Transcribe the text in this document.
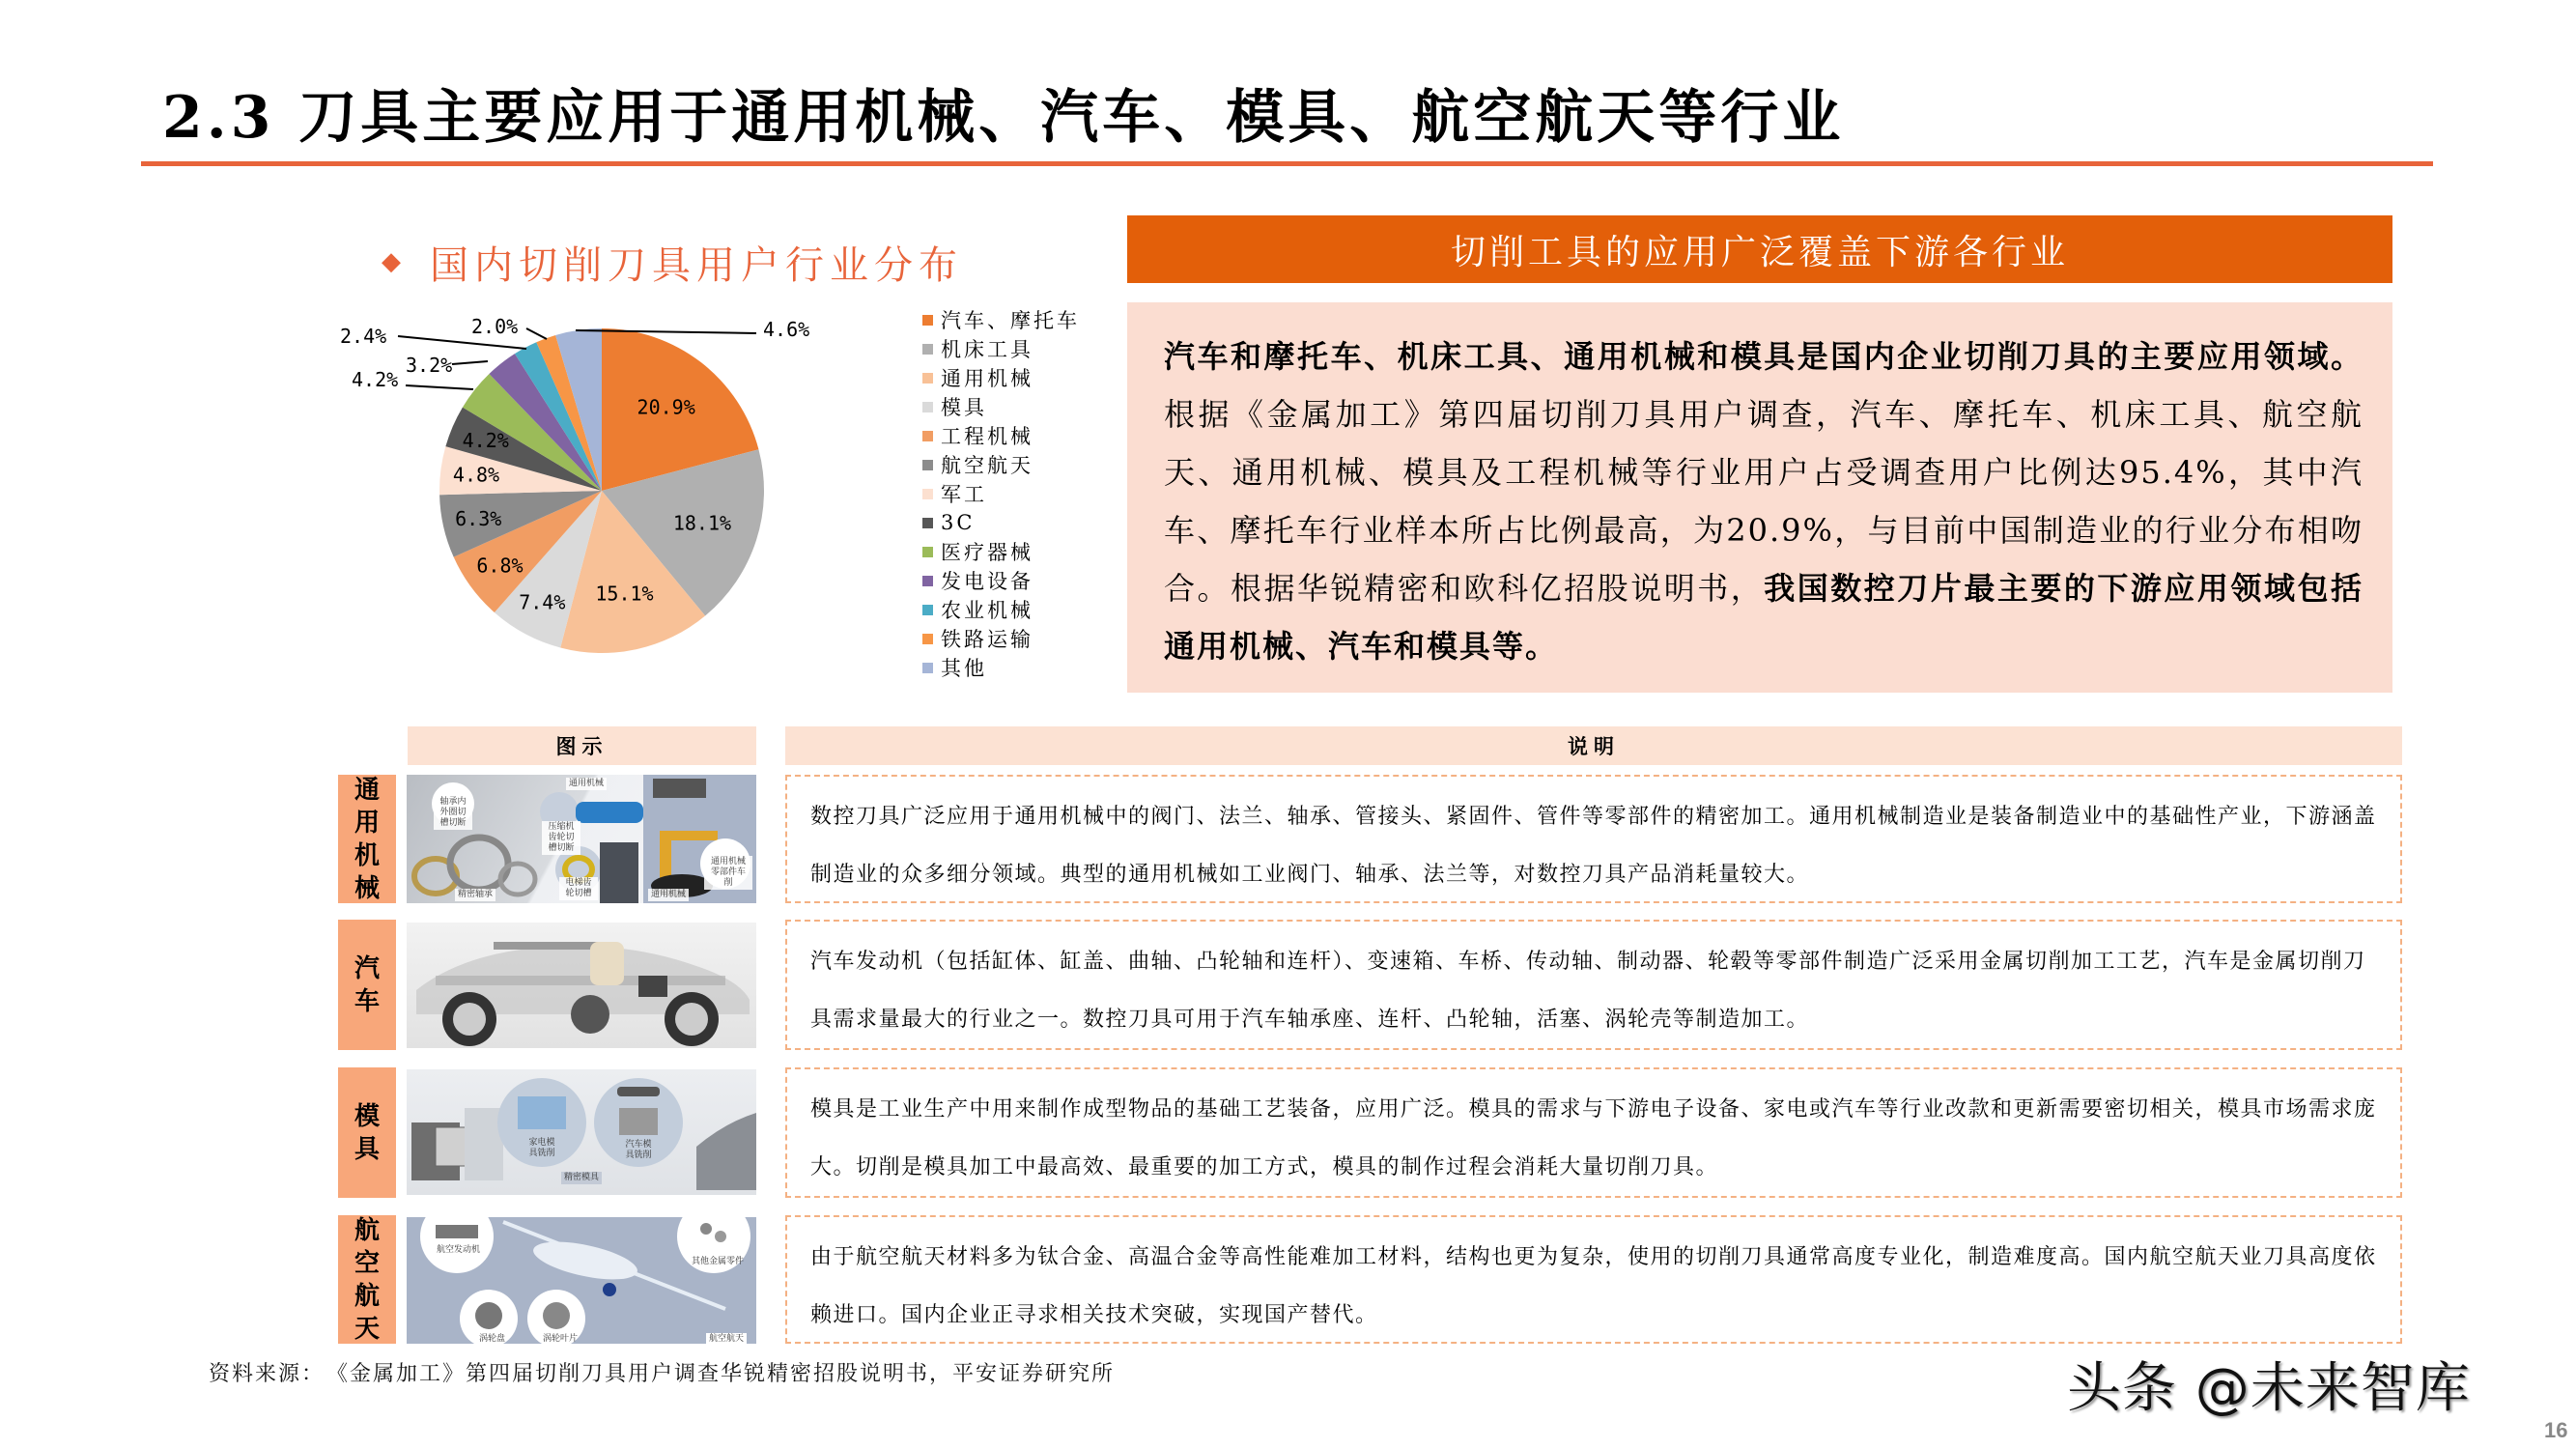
2.3 刀具主要应用于通用机械、汽车、模具、航空航天等行业
◆ 国内切削刀具用户行业分布
20.9%
18.1%
15.1%
7.4%
6.8%
6.3%
4.8%
4.2%
4.2%
3.2%
2.4%	2.0%	4.6%	汽车、摩托车
机床工具
通用机械
模具
工程机械
航空航天
军工
3C
医疗器械
发电设备
农业机械
铁路运输
其他
切削工具的应用广泛覆盖下游各行业
汽车和摩托车、机床工具、通用机械和模具是国内企业切削刀具的主要应用领域。根据《金属加工》第四届切削刀具用户调查，汽车、摩托车、机床工具、航空航天、通用机械、模具及工程机械等行业用户占受调查用户比例达95.4%，其中汽车、摩托车行业样本所占比例最高，为20.9%，与目前中国制造业的行业分布相吻合。根据华锐精密和欧科亿招股说明书，我国数控刀片最主要的下游应用领域包括通用机械、汽车和模具等。
图示	说明
通
用
机
械
轴承内外圈切槽切断
精密轴承
通用机械
压缩机齿轮切槽切断
电梯齿轮切槽	通用机械
通用机械零部件车削
数控刀具广泛应用于通用机械中的阀门、法兰、轴承、管接头、紧固件、管件等零部件的精密加工。通用机械制造业是装备制造业中的基础性产业，下游涵盖制造业的众多细分领域。典型的通用机械如工业阀门、轴承、法兰等，对数控刀具产品消耗量较大。
汽
车
汽车发动机（包括缸体、缸盖、曲轴、凸轮轴和连杆）、变速箱、车桥、传动轴、制动器、轮毂等零部件制造广泛采用金属切削加工工艺，汽车是金属切削刀具需求量最大的行业之一。数控刀具可用于汽车轴承座、连杆、凸轮轴，活塞、涡轮壳等制造加工。
模
具	家电模具铣削
汽车模具铣削
精密模具
模具是工业生产中用来制作成型物品的基础工艺装备，应用广泛。模具的需求与下游电子设备、家电或汽车等行业改款和更新需要密切相关，模具市场需求庞大。切削是模具加工中最高效、最重要的加工方式，模具的制作过程会消耗大量切削刀具。
航
空
航
天
航空发动机
其他金属零件
涡轮盘	涡轮叶片	航空航天
由于航空航天材料多为钛合金、高温合金等高性能难加工材料，结构也更为复杂，使用的切削刀具通常高度专业化，制造难度高。国内航空航天业刀具高度依赖进口。国内企业正寻求相关技术突破，实现国产替代。
资料来源：　《金属加工》第四届切削刀具用户调查华锐精密招股说明书，平安证券研究所	头条 @未来智库
16
